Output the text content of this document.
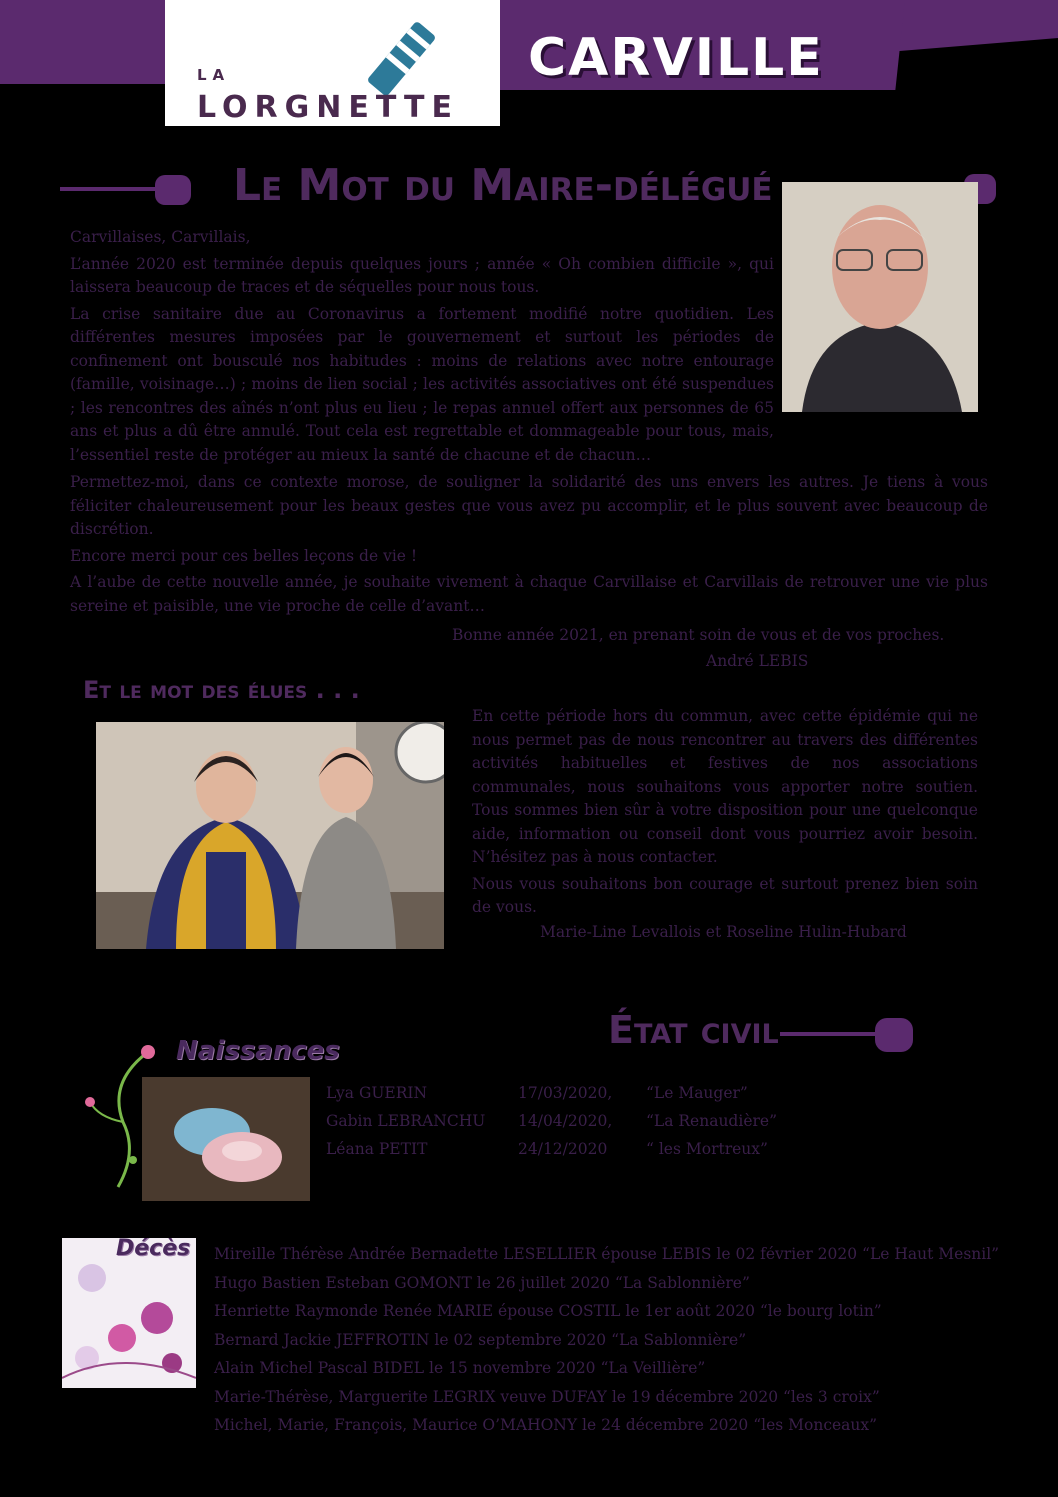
LA
LORGNETTE
CARVILLE
Le Mot du Maire-délégué

Carvillaises, Carvillais,

L’année 2020 est terminée depuis quelques jours ; année « Oh combien difficile », qui laissera beaucoup de traces et de séquelles pour nous tous.

La crise sanitaire due au Coronavirus a fortement modifié notre quotidien. Les différentes mesures imposées par le gouvernement et surtout les périodes de confinement ont bousculé nos habitudes : moins de relations avec notre entourage (famille, voisinage…) ; moins de lien social ; les activités associatives ont été suspendues ; les rencontres des aînés n’ont plus eu lieu ; le repas annuel offert aux personnes de 65 ans et plus a dû être annulé. Tout cela est regrettable et dommageable pour tous, mais, l’essentiel reste de protéger au mieux la santé de chacune et de chacun…

Permettez-moi, dans ce contexte morose, de souligner la solidarité des uns envers les autres. Je tiens à vous féliciter chaleureusement pour les beaux gestes que vous avez pu accomplir, et le plus souvent avec beaucoup de discrétion.

Encore merci pour ces belles leçons de vie !

A l’aube de cette nouvelle année, je souhaite vivement à chaque Carvillaise et Carvillais de retrouver une vie plus sereine et paisible, une vie proche de celle d’avant…

Bonne année 2021, en prenant soin de vous et de vos proches.
André LEBIS
Et le mot des élues . . .

En cette période hors du commun, avec cette épidémie qui ne nous permet pas de nous rencontrer au travers des différentes activités habituelles et festives de nos associations communales, nous souhaitons vous apporter notre soutien. Tous sommes bien sûr à votre disposition pour une quelconque aide, information ou conseil dont vous pourriez avoir besoin. N’hésitez pas à nous contacter.

Nous vous souhaitons bon courage et surtout prenez bien soin de vous.

Marie-Line Levallois et Roseline Hulin-Hubard
État civil
Naissances
Lya GUERIN	17/03/2020, “Le Mauger”
Gabin LEBRANCHU 14/04/2020, “La Renaudière”
Léana PETIT	24/12/2020 “ les Mortreux”
Décès Mireille Thérèse Andrée Bernadette LESELLIER épouse LEBIS le 02 février 2020 “Le Haut Mesnil”
Hugo Bastien Esteban GOMONT le 26 juillet 2020 “La Sablonnière”
Henriette Raymonde Renée MARIE épouse COSTIL le 1er août 2020 “le bourg lotin”
Bernard Jackie JEFFROTIN le 02 septembre 2020 “La Sablonnière”
Alain Michel Pascal BIDEL le 15 novembre 2020 “La Veillière”
Marie-Thérèse, Marguerite LEGRIX veuve DUFAY le 19 décembre 2020 “les 3 croix”
Michel, Marie, François, Maurice O’MAHONY le 24 décembre 2020 “les Monceaux”
